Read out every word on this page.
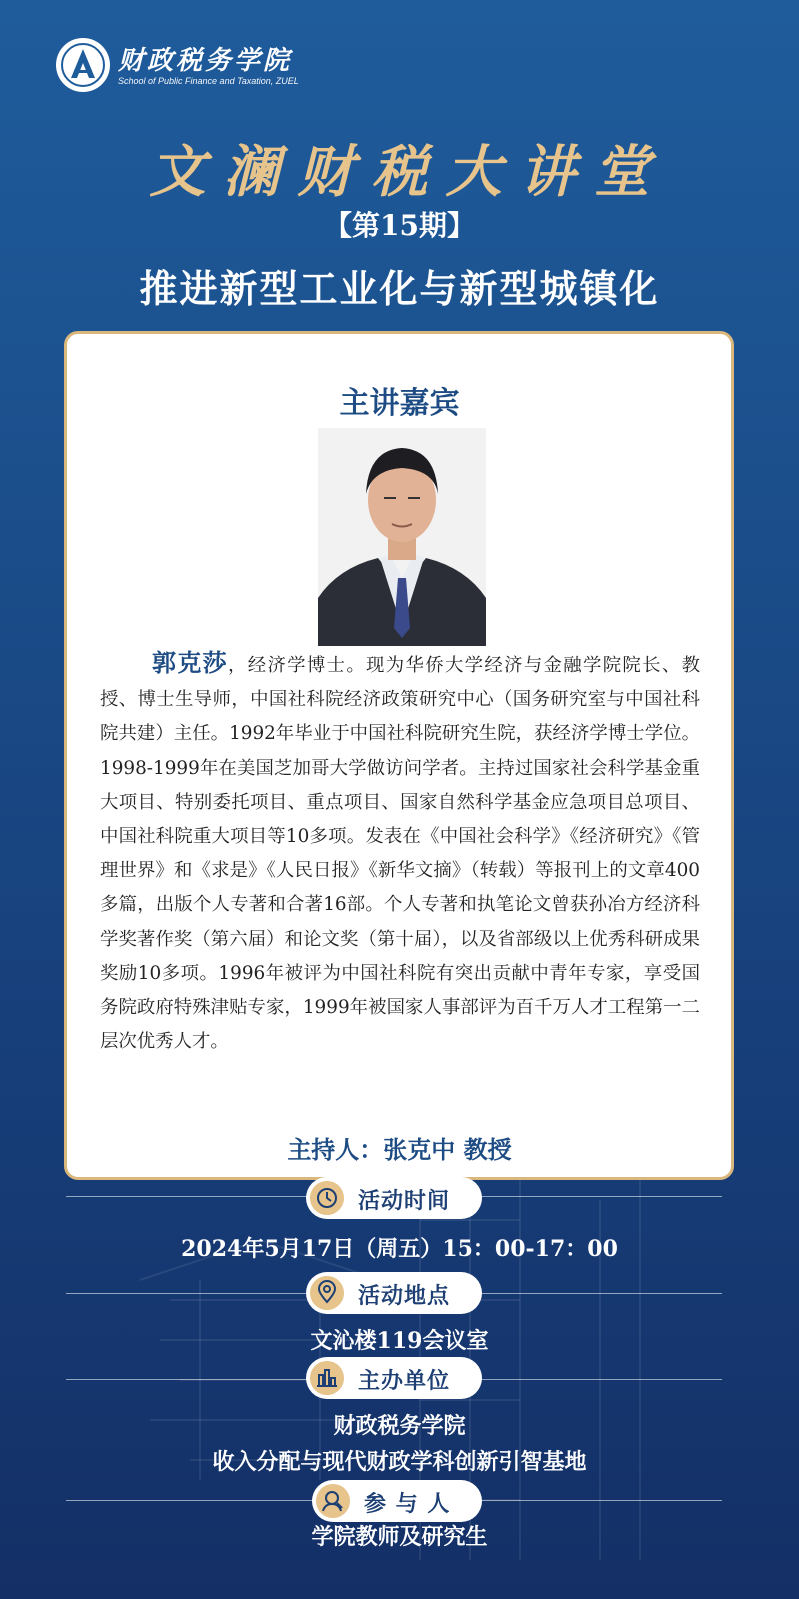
财政税务学院
School of Public Finance and Taxation, ZUEL
文澜财税大讲堂
【第15期】
推进新型工业化与新型城镇化
主讲嘉宾
郭克莎，经济学博士。现为华侨大学经济与金融学院院长、教授、博士生导师，中国社科院经济政策研究中心（国务研究室与中国社科院共建）主任。1992年毕业于中国社科院研究生院，获经济学博士学位。1998-1999年在美国芝加哥大学做访问学者。主持过国家社会科学基金重大项目、特别委托项目、重点项目、国家自然科学基金应急项目总项目、中国社科院重大项目等10多项。发表在《中国社会科学》《经济研究》《管理世界》和《求是》《人民日报》《新华文摘》（转载）等报刊上的文章400多篇，出版个人专著和合著16部。个人专著和执笔论文曾获孙冶方经济科学奖著作奖（第六届）和论文奖（第十届），以及省部级以上优秀科研成果奖励10多项。1996年被评为中国社科院有突出贡献中青年专家，享受国务院政府特殊津贴专家，1999年被国家人事部评为百千万人才工程第一二层次优秀人才。
主持人：张克中 教授
活动时间
2024年5月17日（周五）15：00-17：00
活动地点
文沁楼119会议室
主办单位
财政税务学院
收入分配与现代财政学科创新引智基地
参 与 人
学院教师及研究生
